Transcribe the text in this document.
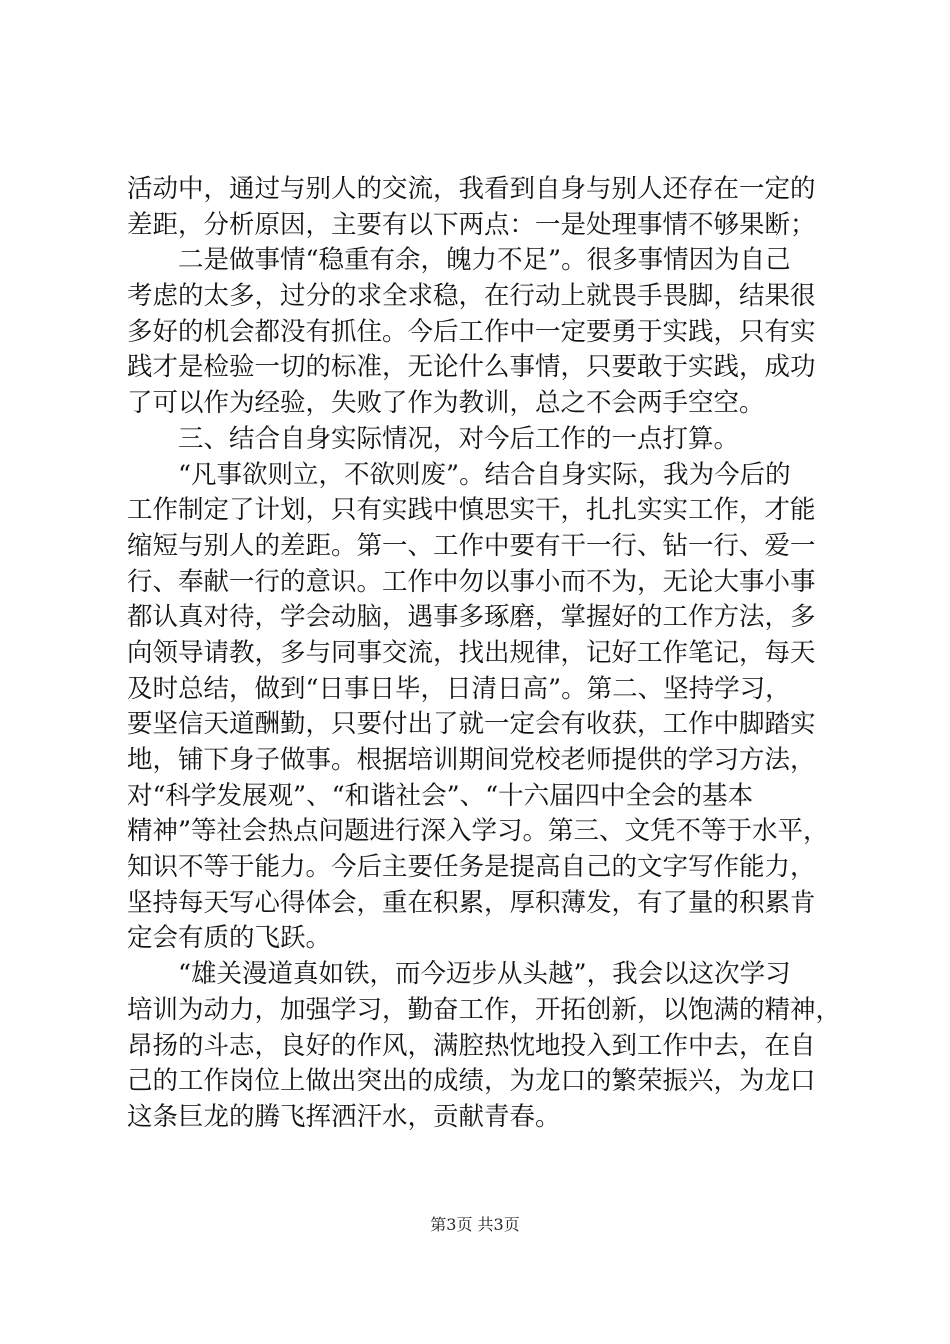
活动中，通过与别人的交流，我看到自身与别人还存在一定的
差距，分析原因，主要有以下两点：一是处理事情不够果断；
二是做事情“稳重有余，魄力不足”。很多事情因为自己
考虑的太多，过分的求全求稳，在行动上就畏手畏脚，结果很
多好的机会都没有抓住。今后工作中一定要勇于实践，只有实
践才是检验一切的标准，无论什么事情，只要敢于实践，成功
了可以作为经验，失败了作为教训，总之不会两手空空。
三、结合自身实际情况，对今后工作的一点打算。
“凡事欲则立，不欲则废”。结合自身实际，我为今后的
工作制定了计划，只有实践中慎思实干，扎扎实实工作，才能
缩短与别人的差距。第一、工作中要有干一行、钻一行、爱一
行、奉献一行的意识。工作中勿以事小而不为，无论大事小事
都认真对待，学会动脑，遇事多琢磨，掌握好的工作方法，多
向领导请教，多与同事交流，找出规律，记好工作笔记，每天
及时总结，做到“日事日毕，日清日高”。第二、坚持学习，
要坚信天道酬勤，只要付出了就一定会有收获，工作中脚踏实
地，铺下身子做事。根据培训期间党校老师提供的学习方法，
对“科学发展观”、“和谐社会”、“十六届四中全会的基本
精神”等社会热点问题进行深入学习。第三、文凭不等于水平，
知识不等于能力。今后主要任务是提高自己的文字写作能力，
坚持每天写心得体会，重在积累，厚积薄发，有了量的积累肯
定会有质的飞跃。
“雄关漫道真如铁，而今迈步从头越”，我会以这次学习
培训为动力，加强学习，勤奋工作，开拓创新，以饱满的精神，
昂扬的斗志，良好的作风，满腔热忱地投入到工作中去，在自
己的工作岗位上做出突出的成绩，为龙口的繁荣振兴，为龙口
这条巨龙的腾飞挥洒汗水，贡献青春。
第3页 共3页
